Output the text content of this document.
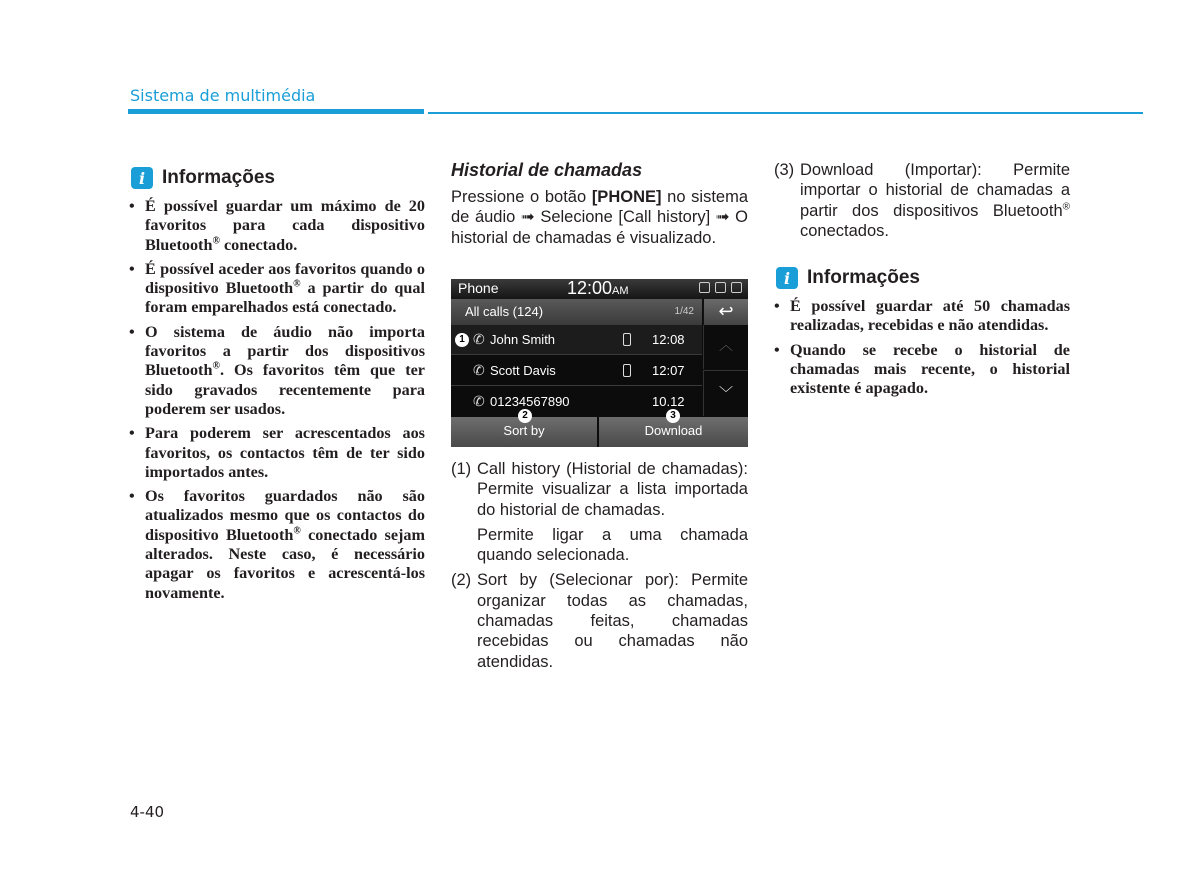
Sistema de multimédia
i Informações
• É possível guardar um máximo de 20 favoritos para cada dispositivo Bluetooth® conectado.
• É possível aceder aos favoritos quando o dispositivo Bluetooth® a partir do qual foram emparelhados está conectado.
• O sistema de áudio não importa favoritos a partir dos dispositivos Bluetooth®. Os favoritos têm que ter sido gravados recentemente para poderem ser usados.
• Para poderem ser acrescentados aos favoritos, os contactos têm de ter sido importados antes.
• Os favoritos guardados não são atualizados mesmo que os contactos do dispositivo Bluetooth® conectado sejam alterados. Neste caso, é necessário apagar os favoritos e acrescentá-los novamente.
Historial de chamadas

Pressione o botão [PHONE] no sistema de áudio ➟ Selecione [Call history] ➟ O historial de chamadas é visualizado.

Phone	12:00AM
All calls (124)	1/42	↩
✆ John Smith	12:08
✆ Scott Davis	12:07
✆ 01234567890	10.12
︿
﹀
Sort by	Download
1
2	3
(1) Call history (Historial de chamadas): Permite visualizar a lista importada do historial de chamadas.
Permite ligar a uma chamada quando selecionada.
(2) Sort by (Selecionar por): Permite organizar todas as chamadas, chamadas feitas, chamadas recebidas ou chamadas não atendidas.
(3) Download (Importar): Permite importar o historial de chamadas a partir dos dispositivos Bluetooth® conectados.
i Informações
• É possível guardar até 50 chamadas realizadas, recebidas e não atendidas.
• Quando se recebe o historial de chamadas mais recente, o historial existente é apagado.
4-40
